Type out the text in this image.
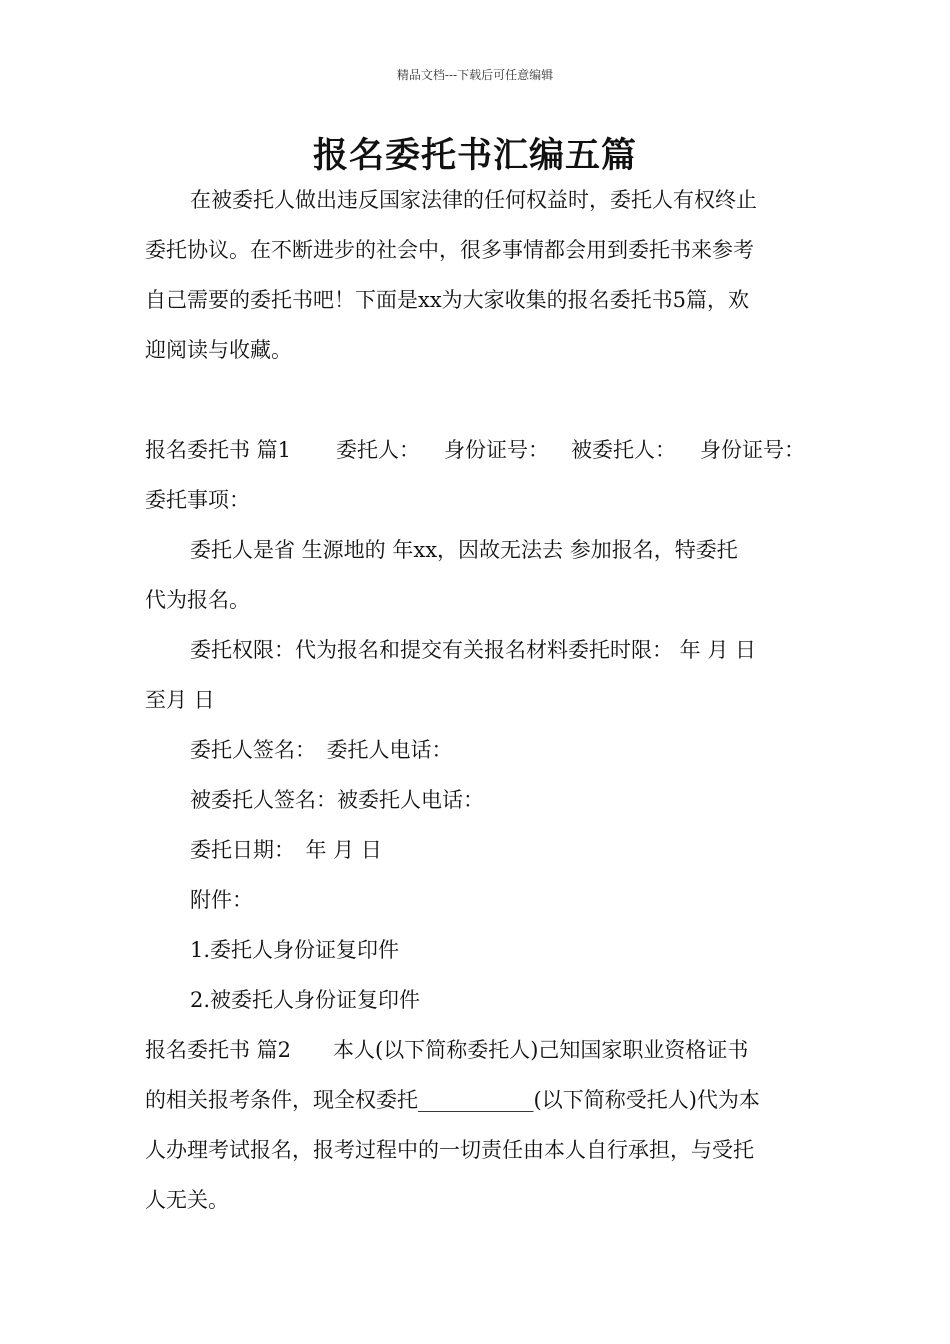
精品文档---下载后可任意编辑
报名委托书汇编五篇
在被委托人做出违反国家法律的任何权益时，委托人有权终止
委托协议。在不断进步的社会中，很多事情都会用到委托书来参考
自己需要的委托书吧！下面是xx为大家收集的报名委托书5篇，欢
迎阅读与收藏。
报名委托书 篇1 委托人： 身份证号： 被委托人： 身份证号：
委托事项：
委托人是省 生源地的 年xx，因故无法去 参加报名，特委托
代为报名。
委托权限：代为报名和提交有关报名材料委托时限： 年 月 日
至月 日
委托人签名：　委托人电话：
被委托人签名：被委托人电话：
委托日期：　年 月 日
附件：
1.委托人身份证复印件
2.被委托人身份证复印件
报名委托书 篇2 本人(以下简称委托人)己知国家职业资格证书
的相关报考条件，现全权委托___________(以下简称受托人)代为本
人办理考试报名，报考过程中的一切责任由本人自行承担，与受托
人无关。
